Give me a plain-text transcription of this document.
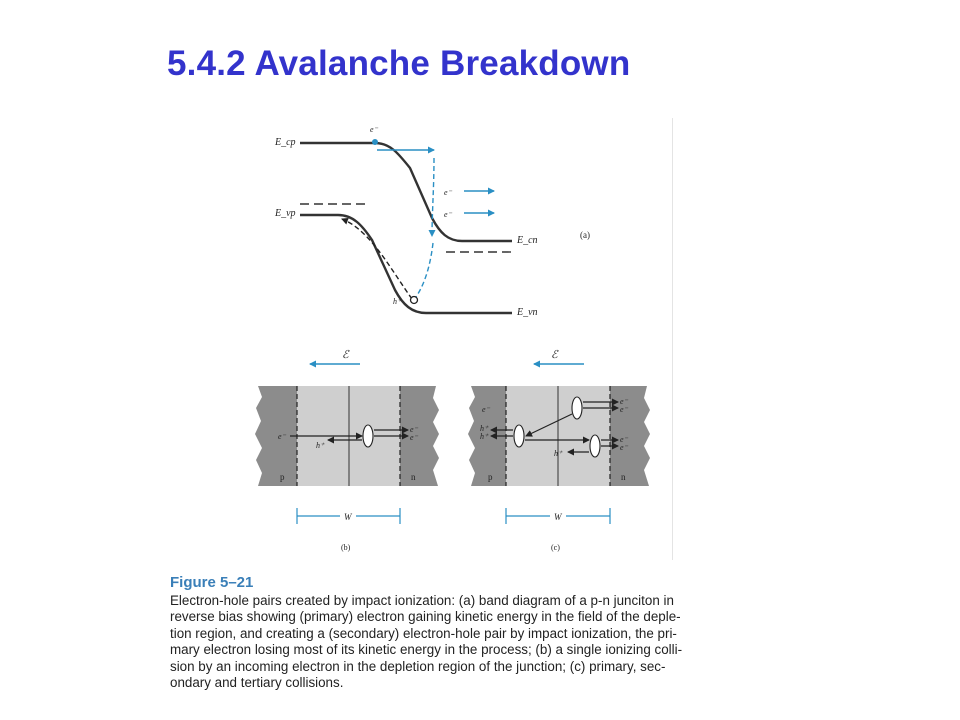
5.4.2 Avalanche Breakdown
E_cp
E_vp
E_cn
E_vn
e⁻
e⁻
e⁻
h⁺
(a)
ℰ
e⁻
h⁺
e⁻
e⁻
p	n
W
(b)
ℰ
e⁻
h⁺
h⁺
e⁻
e⁻
h⁺
e⁻
e⁻
p	n
W
(c)
Figure 5–21
Electron-hole pairs created by impact ionization: (a) band diagram of a p-n junciton in
reverse bias showing (primary) electron gaining kinetic energy in the field of the deple-
tion region, and creating a (secondary) electron-hole pair by impact ionization, the pri-
mary electron losing most of its kinetic energy in the process; (b) a single ionizing colli-
sion by an incoming electron in the depletion region of the junction; (c) primary, sec-
ondary and tertiary collisions.
